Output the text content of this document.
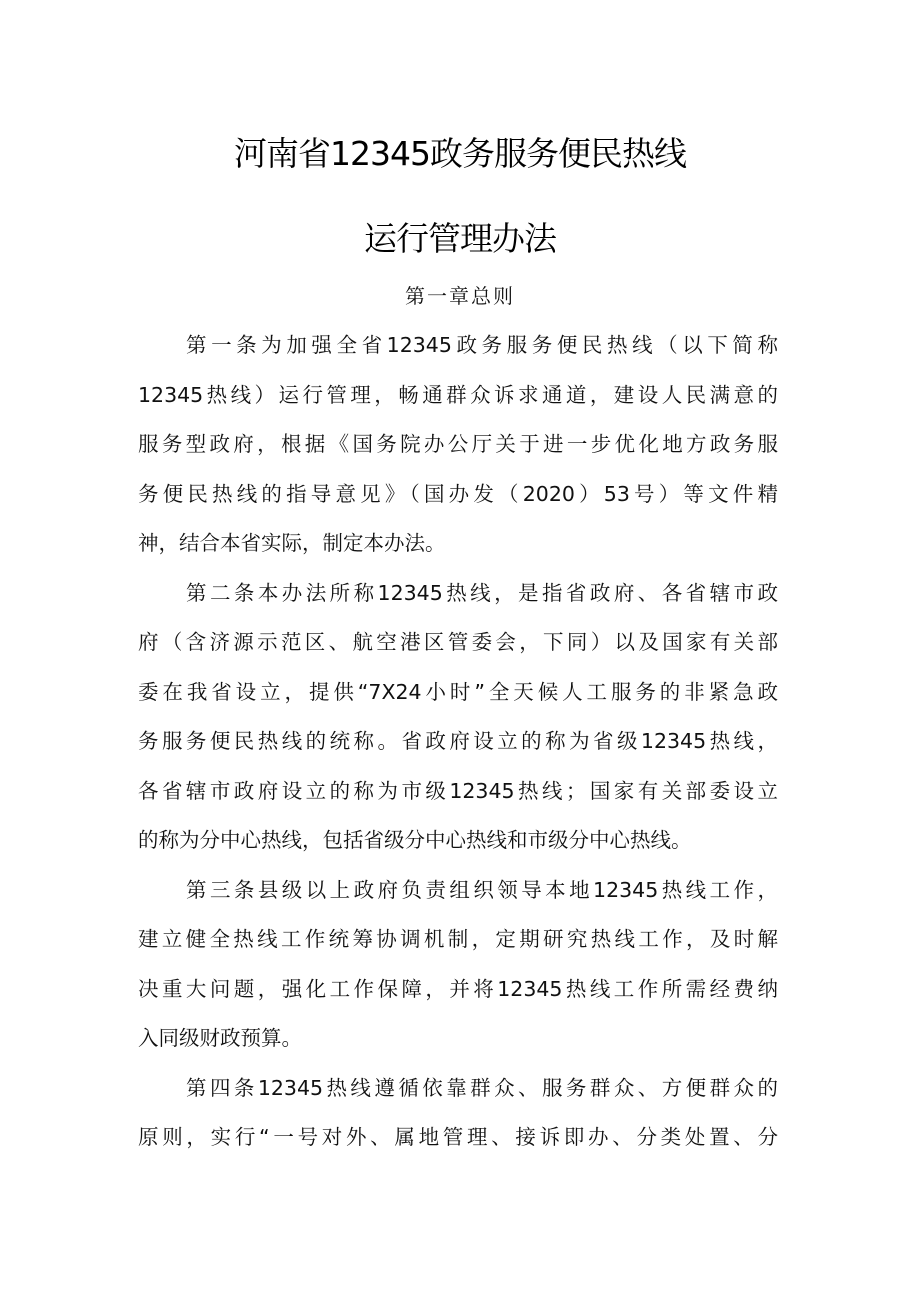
河南省12345政务服务便民热线
运行管理办法
第一章总则
第一条为加强全省12345政务服务便民热线（以下简称
12345热线）运行管理，畅通群众诉求通道，建设人民满意的
服务型政府，根据《国务院办公厅关于进一步优化地方政务服
务便民热线的指导意见》（国办发（2020）53号）等文件精
神，结合本省实际，制定本办法。
第二条本办法所称12345热线，是指省政府、各省辖市政
府（含济源示范区、航空港区管委会，下同）以及国家有关部
委在我省设立，提供“7X24小时”全天候人工服务的非紧急政
务服务便民热线的统称。省政府设立的称为省级12345热线，
各省辖市政府设立的称为市级12345热线；国家有关部委设立
的称为分中心热线，包括省级分中心热线和市级分中心热线。
第三条县级以上政府负责组织领导本地12345热线工作，
建立健全热线工作统筹协调机制，定期研究热线工作，及时解
决重大问题，强化工作保障，并将12345热线工作所需经费纳
入同级财政预算。
第四条12345热线遵循依靠群众、服务群众、方便群众的
原则，实行“一号对外、属地管理、接诉即办、分类处置、分
